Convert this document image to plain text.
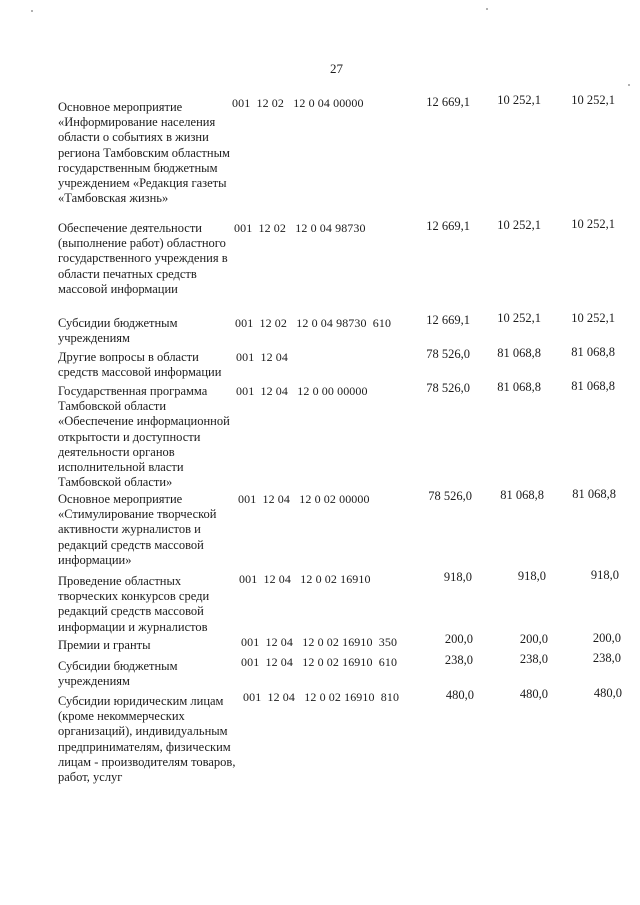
27
Основное мероприятие «Информирование населения области о событиях в жизни региона Тамбовским областным государственным бюджетным учреждением «Редакция газеты «Тамбовская жизнь»
001  12 02   12 0 04 00000	12 669,1	10 252,1	10 252,1
Обеспечение деятельности (выполнение работ) областного государственного учреждения в области печатных средств массовой информации
001  12 02   12 0 04 98730	12 669,1	10 252,1	10 252,1
Субсидии бюджетным учреждениям
001  12 02   12 0 04 98730  610	12 669,1	10 252,1	10 252,1
Другие вопросы в области средств массовой информации
001  12 04	78 526,0	81 068,8	81 068,8
Государственная программа Тамбовской области «Обеспечение информационной открытости и доступности деятельности органов исполнительной власти Тамбовской области»
001  12 04   12 0 00 00000	78 526,0	81 068,8	81 068,8
Основное мероприятие «Стимулирование творческой активности журналистов и редакций средств массовой информации»
001  12 04   12 0 02 00000	78 526,0	81 068,8	81 068,8
Проведение областных творческих конкурсов среди редакций средств массовой информации и журналистов
001  12 04   12 0 02 16910	918,0	918,0	918,0
Премии и гранты	001  12 04   12 0 02 16910  350	200,0	200,0	200,0
Субсидии бюджетным учреждениям
001  12 04   12 0 02 16910  610	238,0	238,0	238,0
Субсидии юридическим лицам (кроме некоммерческих организаций), индивидуальным предпринимателям, физическим лицам - производителям товаров, работ, услуг
001  12 04   12 0 02 16910  810	480,0	480,0	480,0
